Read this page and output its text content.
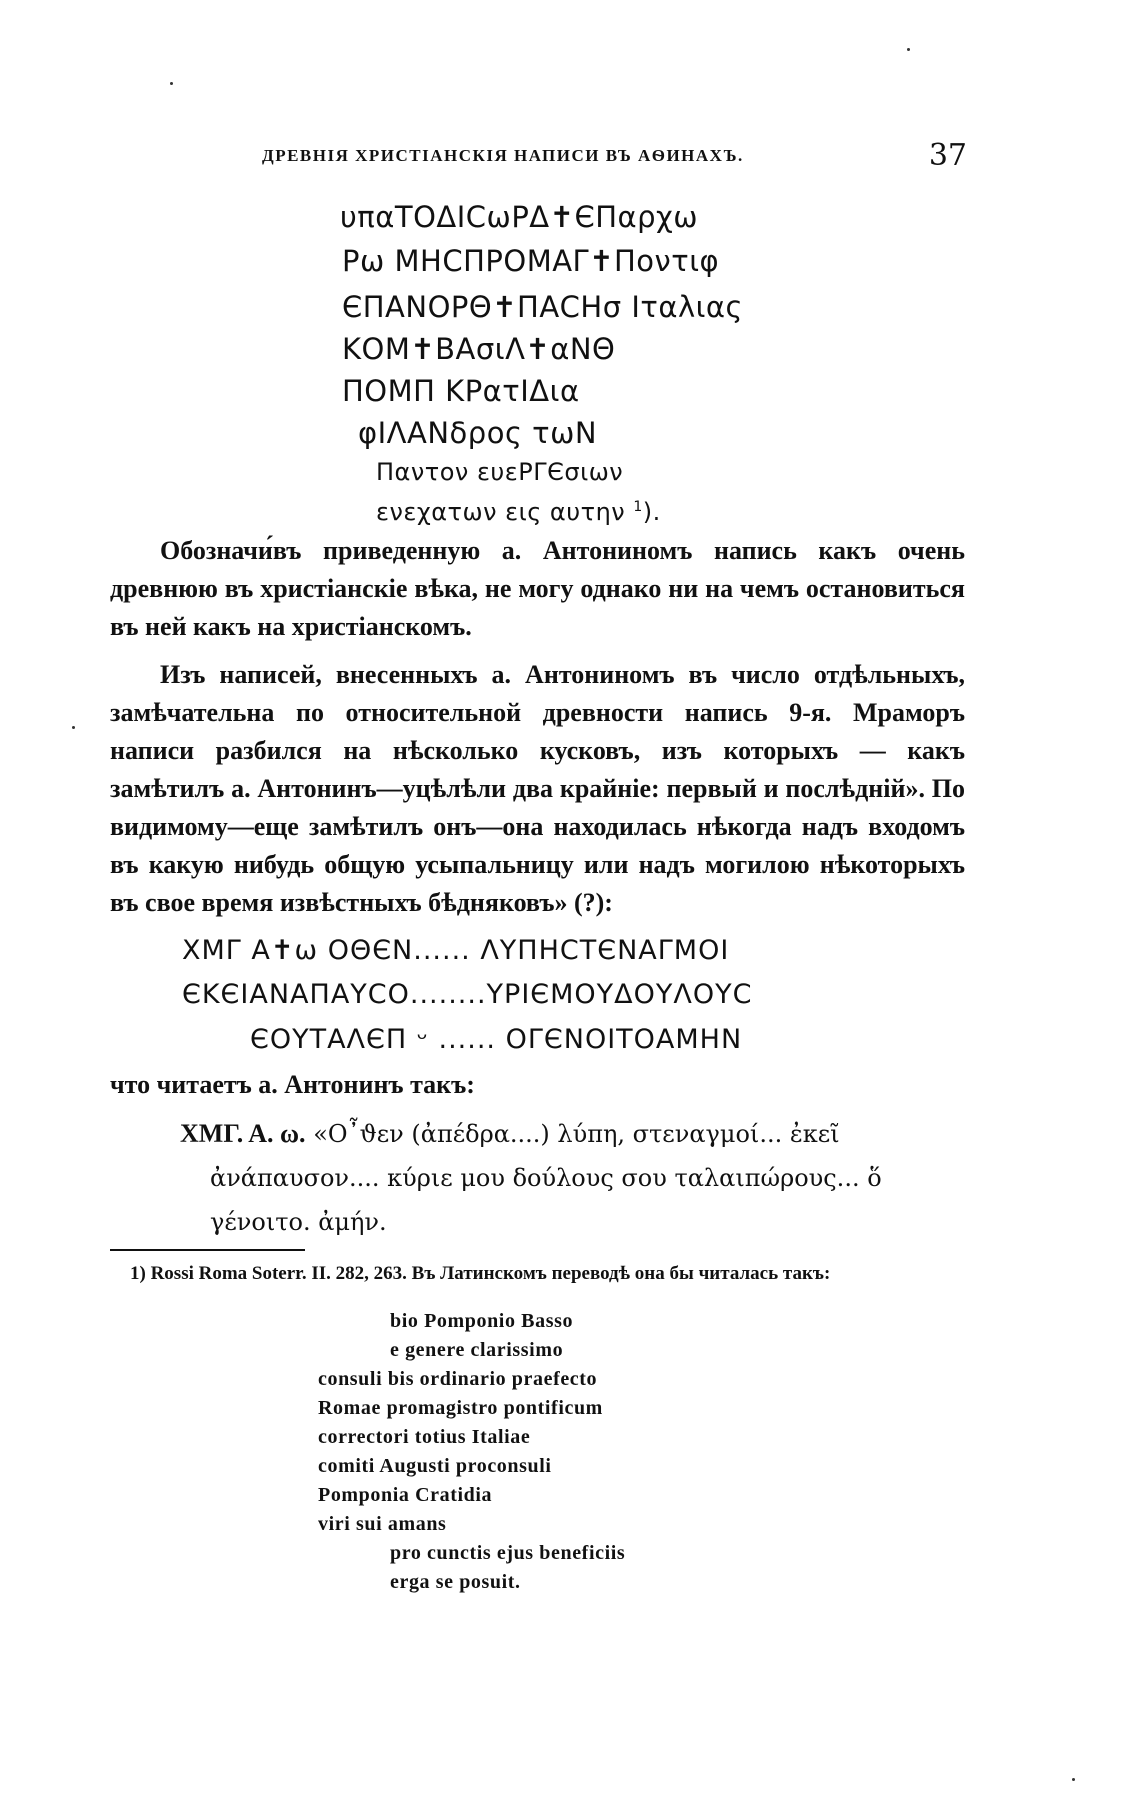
ДРЕВНІЯ ХРИСТІАНСКІЯ НАПИСИ ВЪ АѲИНАХЪ.	37
υπαΤΟΔΙCωΡΔ✝ЄΠαρχω
Ρω ΜΗCΠΡΟΜΑΓ✝Ποντιφ
ЄΠΑΝΟΡΘ✝ΠΑCΗσ Ιταλιας
ΚΟΜ✝ΒΑσιΛ✝αΝΘ
ΠΟΜΠ ΚΡατΙΔια
φΙΛΑΝδρος τωΝ
Παντον ευεΡΓЄσιων
ενεχατων εις αυτην $^1$).

Обозначи́въ приведенную а. Антониномъ напись какъ очень древнюю въ христіанскіе вѣка, не могу однако ни на чемъ остановиться въ ней какъ на христіанскомъ.

Изъ написей, внесенныхъ а. Антониномъ въ число отдѣльныхъ, замѣчательна по относительной древности напись 9-я. Мраморъ написи разбился на нѣсколько кусковъ, изъ которыхъ — какъ замѣтилъ а. Антонинъ—уцѣлѣли два крайніе: первый и послѣдній». По видимому—еще замѣтилъ онъ—она находилась нѣкогда надъ входомъ въ какую нибудь общую усыпальницу или надъ могилою нѣкоторыхъ въ свое время извѣстныхъ бѣдняковъ» (?):

ΧΜΓ Α✝ω ΟΘЄΝ...... ΛΥΠΗCΤЄΝΑΓΜΟΙ
ЄΚЄΙΑΝΑΠΑΥCΟ........ΥΡΙЄΜΟΥΔΟΥΛΟΥC
ЄΟΥΤΑΛЄΠ ᵕ ...... ΟΓЄΝΟΙΤΟΑΜΗΝ
что читаетъ а. Антонинъ такъ:
ΧΜΓ. Α. ω. «Ο῏ϑεν (ἀπέδρα....) λύπη, στεναγμοί... ἐκεῖ
ἀνάπαυσον.... κύριε μου δούλους σου ταλαιπώρους... ὅ
γένοιτο. ἀμήν.
1) Rossi Roma Soterr. II. 282, 263. Въ Латинскомъ переводѣ она бы читалась такъ:
bio Pomponio Basso
e genere clarissimo
consuli bis ordinario praefecto
Romae promagistro pontificum
correctori totius Italiae
comiti Augusti proconsuli
Pomponia Cratidia
viri sui amans
pro cunctis ejus beneficiis
erga se posuit.
